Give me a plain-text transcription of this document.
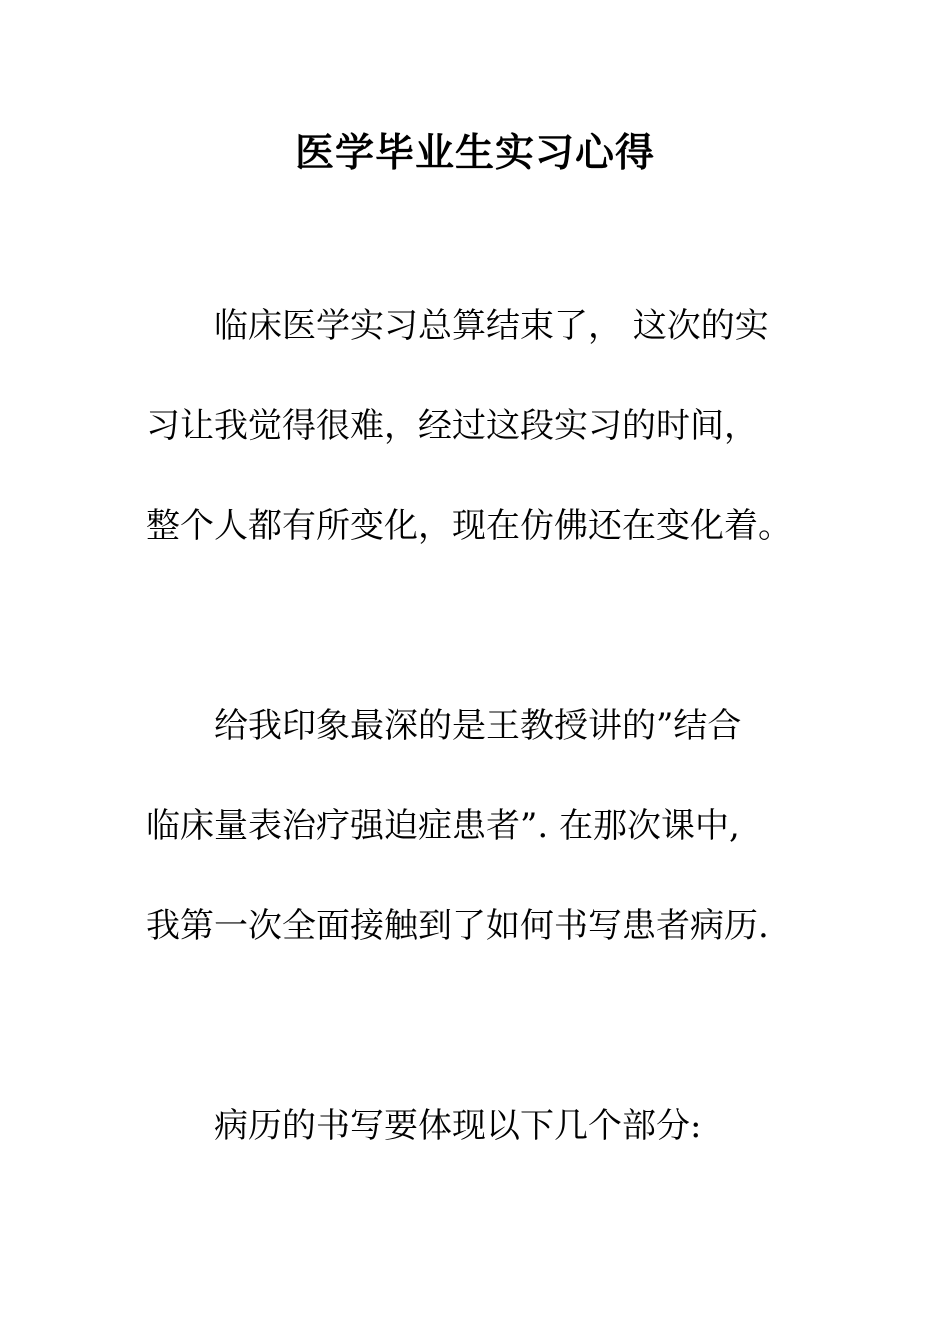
医学毕业生实习心得

临床医学实习总算结束了， 这次的实

习让我觉得很难，经过这段实习的时间，

整个人都有所变化，现在仿佛还在变化着。

给我印象最深的是王教授讲的”结合

临床量表治疗强迫症患者”. 在那次课中,

我第一次全面接触到了如何书写患者病历.

病历的书写要体现以下几个部分:
